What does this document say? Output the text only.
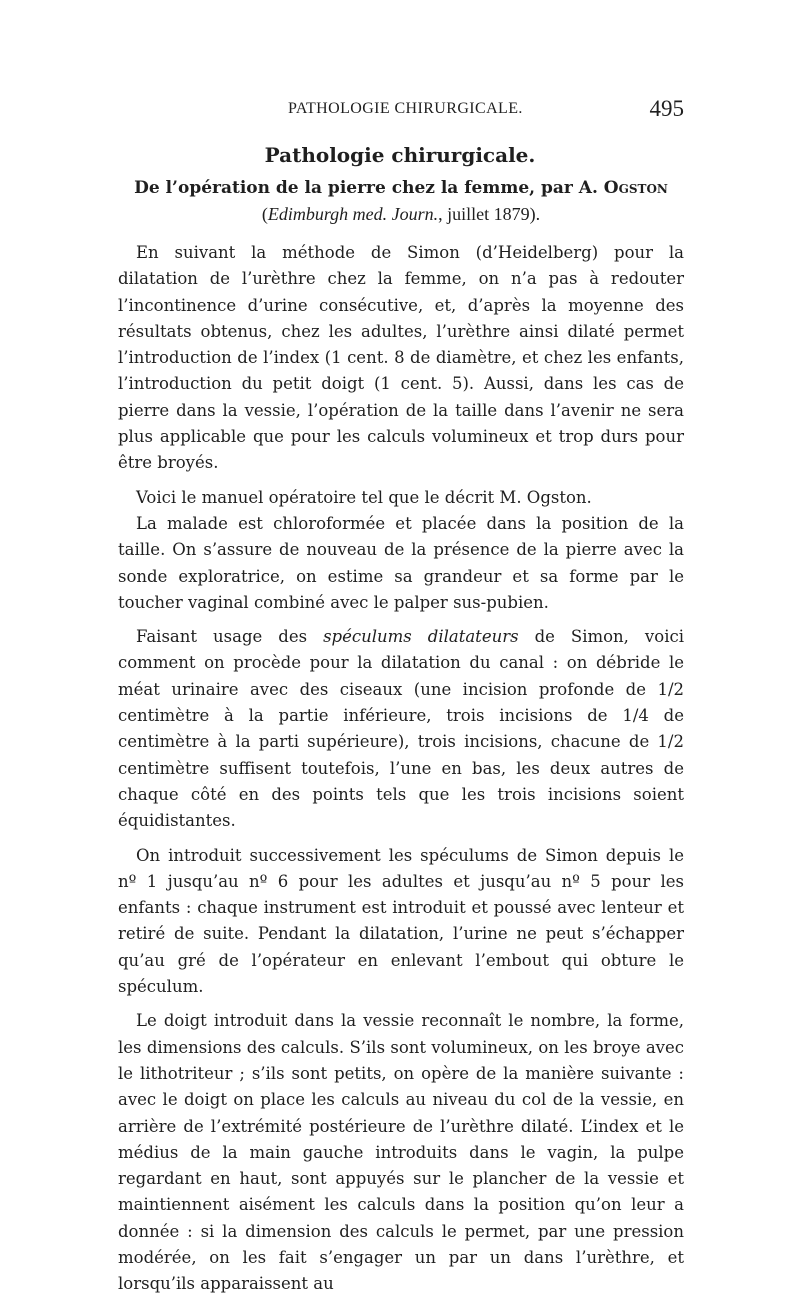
PATHOLOGIE CHIRURGICALE.	495
Pathologie chirurgicale.
De l’opération de la pierre chez la femme, par A. Ogston
(Edimburgh med. Journ., juillet 1879).

En suivant la méthode de Simon (d’Heidelberg) pour la dilatation de l’urèthre chez la femme, on n’a pas à redouter l’incontinence d’urine consécutive, et, d’après la moyenne des résultats obtenus, chez les adultes, l’urèthre ainsi dilaté permet l’introduction de l’index (1 cent. 8 de diamètre, et chez les enfants, l’introduction du petit doigt (1 cent. 5). Aussi, dans les cas de pierre dans la vessie, l’opération de la taille dans l’avenir ne sera plus applicable que pour les calculs volumineux et trop durs pour être broyés.

Voici le manuel opératoire tel que le décrit M. Ogston.

La malade est chloroformée et placée dans la position de la taille. On s’assure de nouveau de la présence de la pierre avec la sonde exploratrice, on estime sa grandeur et sa forme par le toucher vaginal combiné avec le palper sus-pubien.

Faisant usage des spéculums dilatateurs de Simon, voici comment on procède pour la dilatation du canal : on débride le méat urinaire avec des ciseaux (une incision profonde de 1/2 centimètre à la partie inférieure, trois incisions de 1/4 de centimètre à la parti supérieure), trois incisions, chacune de 1/2 centimètre suffisent toutefois, l’une en bas, les deux autres de chaque côté en des points tels que les trois incisions soient équidistantes.

On introduit successivement les spéculums de Simon depuis le nº 1 jusqu’au nº 6 pour les adultes et jusqu’au nº 5 pour les enfants : chaque instrument est introduit et poussé avec lenteur et retiré de suite. Pendant la dilatation, l’urine ne peut s’échapper qu’au gré de l’opérateur en enlevant l’embout qui obture le spéculum.

Le doigt introduit dans la vessie reconnaît le nombre, la forme, les dimensions des calculs. S’ils sont volumineux, on les broye avec le lithotriteur ; s’ils sont petits, on opère de la manière suivante : avec le doigt on place les calculs au niveau du col de la vessie, en arrière de l’extrémité postérieure de l’urèthre dilaté. L’index et le médius de la main gauche introduits dans le vagin, la pulpe regardant en haut, sont appuyés sur le plancher de la vessie et maintiennent aisément les calculs dans la position qu’on leur a donnée : si la dimension des calculs le permet, par une pression modérée, on les fait s’engager un par un dans l’urèthre, et lorsqu’ils apparaissent au
